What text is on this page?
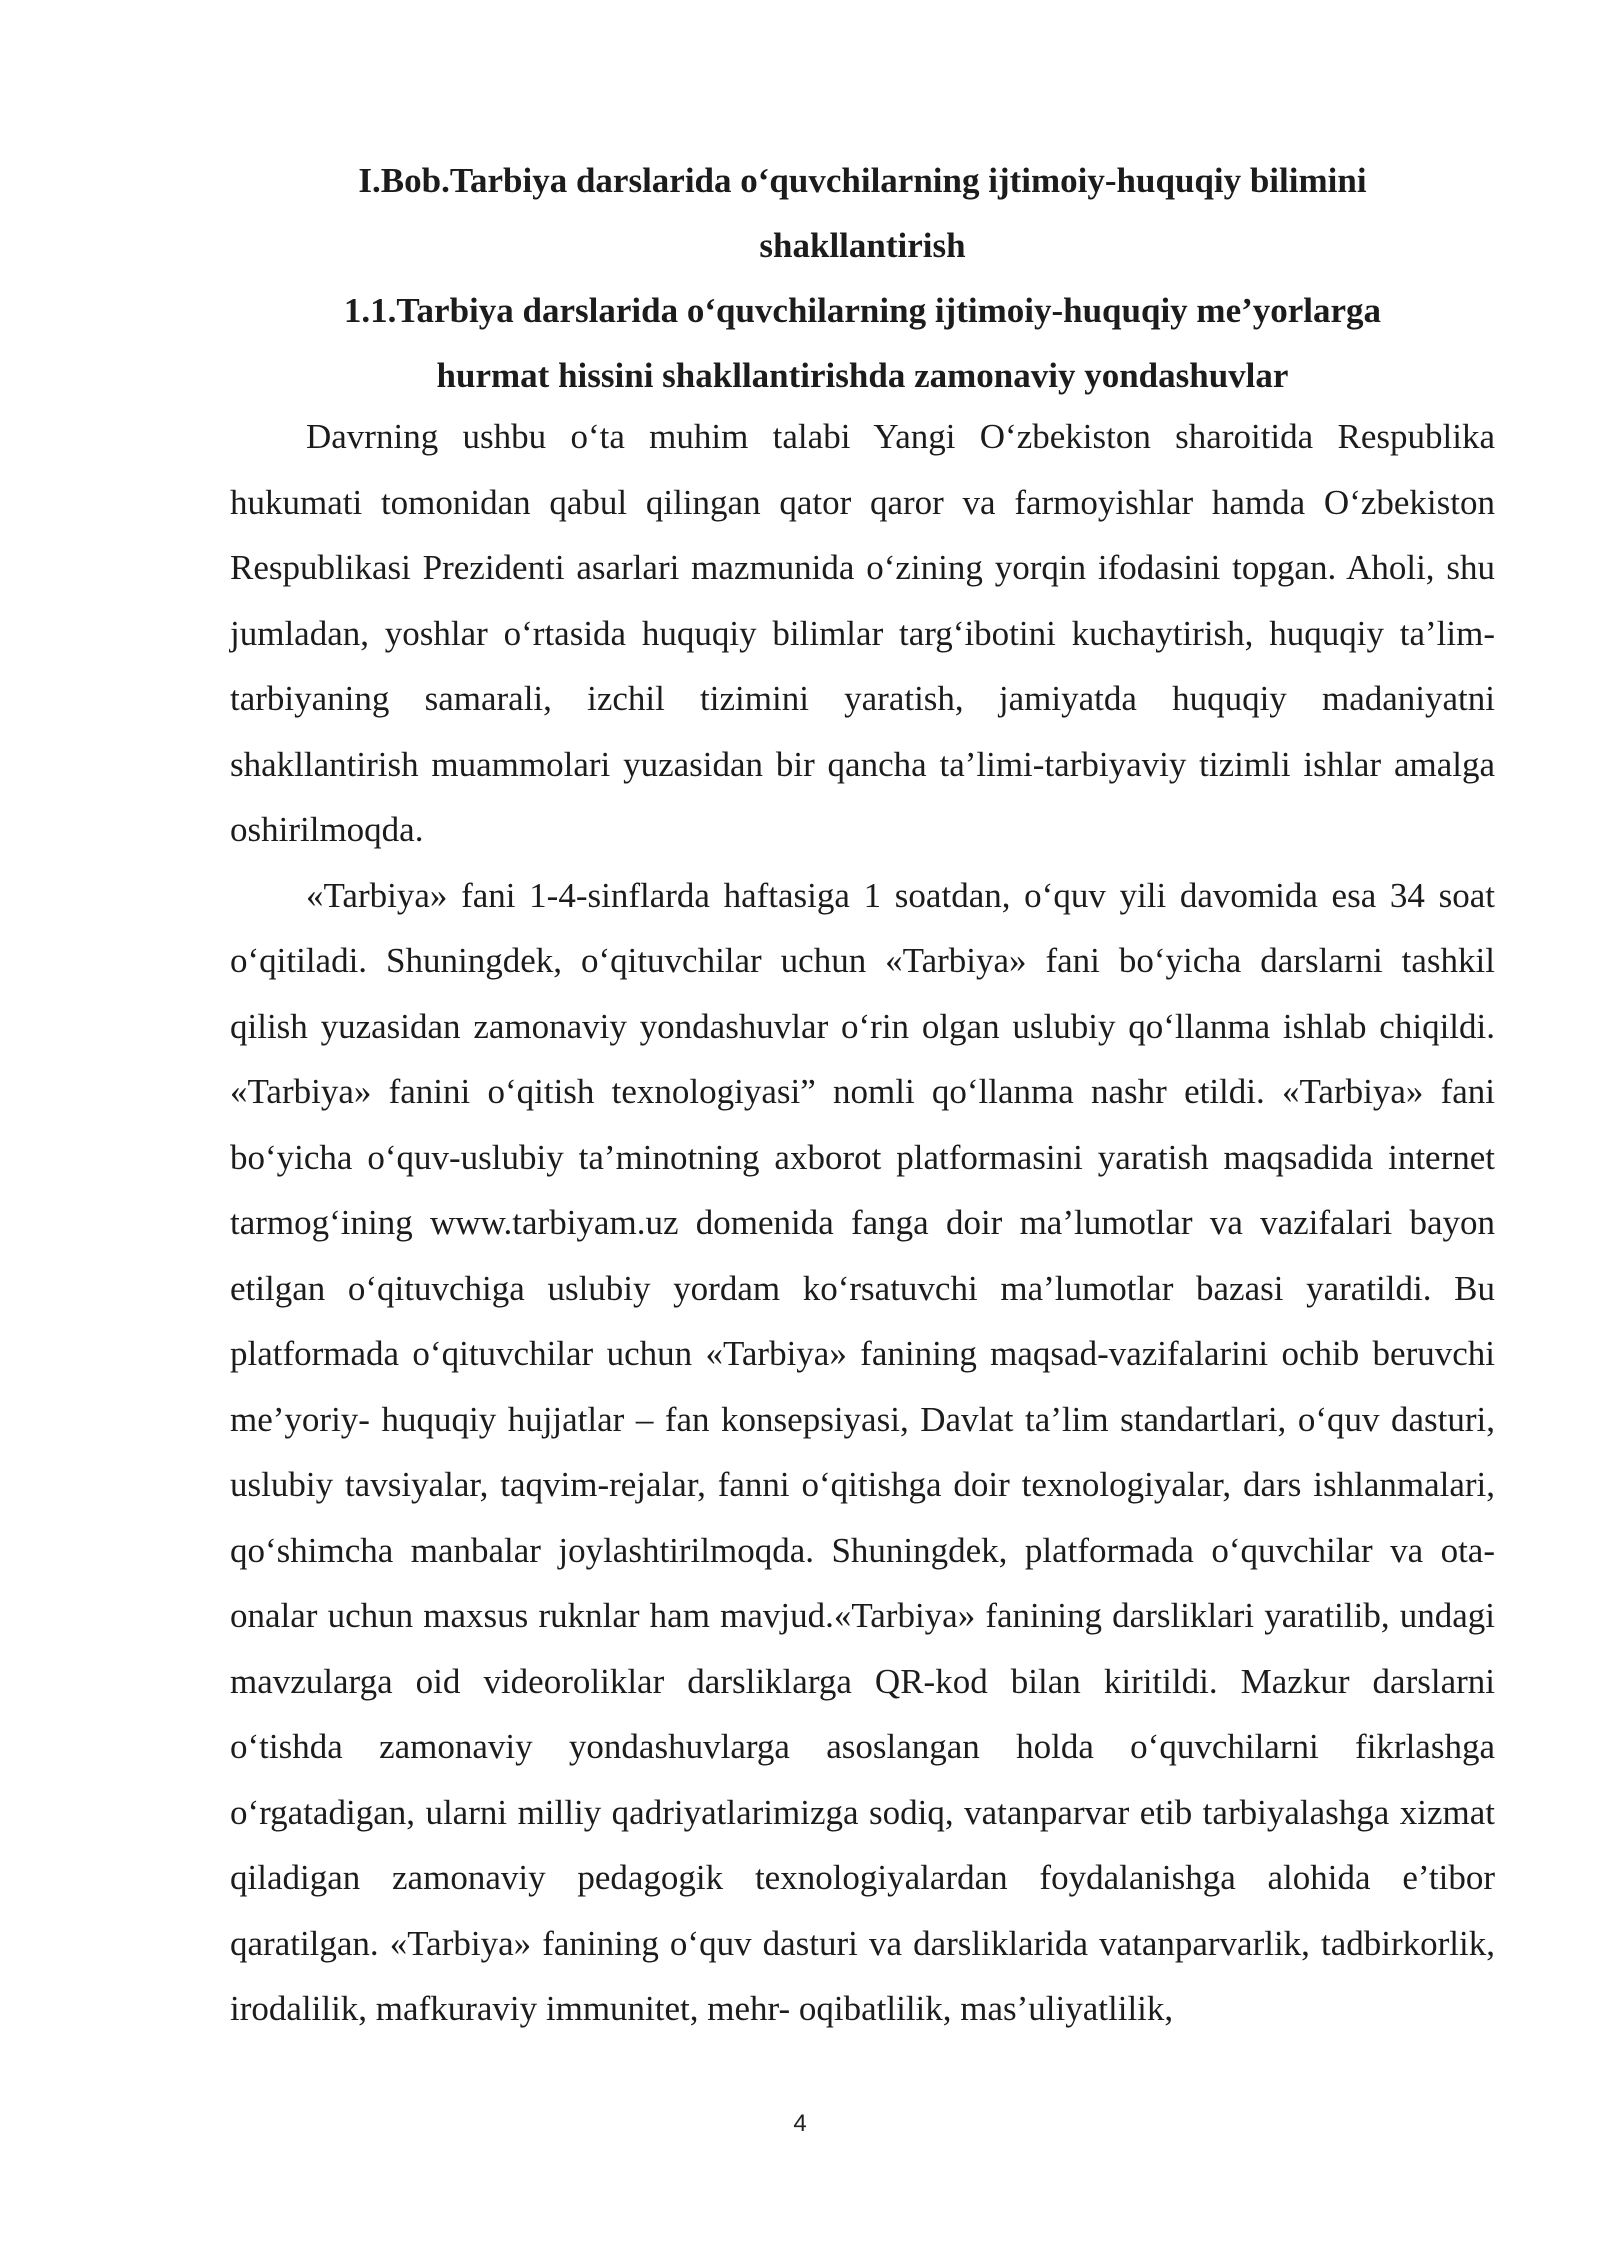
I.Bob.Tarbiya darslarida o‘quvchilarning ijtimoiy-huquqiy bilimini
shakllantirish
1.1.Tarbiya darslarida o‘quvchilarning ijtimoiy-huquqiy me’yorlarga
hurmat hissini shakllantirishda zamonaviy yondashuvlar

Davrning ushbu o‘ta muhim talabi Yangi O‘zbekiston sharoitida Respublika hukumati tomonidan qabul qilingan qator qaror va farmoyishlar hamda O‘zbekiston Respublikasi Prezidenti asarlari mazmunida o‘zining yorqin ifodasini topgan. Aholi, shu jumladan, yoshlar o‘rtasida huquqiy bilimlar targ‘ibotini kuchaytirish, huquqiy ta’lim-tarbiyaning samarali, izchil tizimini yaratish, jamiyatda huquqiy madaniyatni shakllantirish muammolari yuzasidan bir qancha ta’limi-tarbiyaviy tizimli ishlar amalga oshirilmoqda.

«Tarbiya» fani 1-4-sinflarda haftasiga 1 soatdan, o‘quv yili davomida esa 34 soat o‘qitiladi. Shuningdek, o‘qituvchilar uchun «Tarbiya» fani bo‘yicha darslarni tashkil qilish yuzasidan zamonaviy yondashuvlar o‘rin olgan uslubiy qo‘llanma ishlab chiqildi. «Tarbiya» fanini o‘qitish texnologiyasi” nomli qo‘llanma nashr etildi. «Tarbiya» fani bo‘yicha o‘quv-uslubiy ta’minotning axborot platformasini yaratish maqsadida internet tarmog‘ining www.tarbiyam.uz domenida fanga doir ma’lumotlar va vazifalari bayon etilgan o‘qituvchiga uslubiy yordam ko‘rsatuvchi ma’lumotlar bazasi yaratildi. Bu platformada o‘qituvchilar uchun «Tarbiya» fanining maqsad-vazifalarini ochib beruvchi me’yoriy- huquqiy hujjatlar – fan konsepsiyasi, Davlat ta’lim standartlari, o‘quv dasturi, uslubiy tavsiyalar, taqvim-rejalar, fanni o‘qitishga doir texnologiyalar, dars ishlanmalari, qo‘shimcha manbalar joylashtirilmoqda. Shuningdek, platformada o‘quvchilar va ota-onalar uchun maxsus ruknlar ham mavjud.«Tarbiya» fanining darsliklari yaratilib, undagi mavzularga oid videoroliklar darsliklarga QR-kod bilan kiritildi. Mazkur darslarni o‘tishda zamonaviy yondashuvlarga asoslangan holda o‘quvchilarni fikrlashga o‘rgatadigan, ularni milliy qadriyatlarimizga sodiq, vatanparvar etib tarbiyalashga xizmat qiladigan zamonaviy pedagogik texnologiyalardan foydalanishga alohida e’tibor qaratilgan. «Tarbiya» fanining o‘quv dasturi va darsliklarida vatanparvarlik, tadbirkorlik, irodalilik, mafkuraviy immunitet, mehr- oqibatlilik, mas’uliyatlilik,

4
